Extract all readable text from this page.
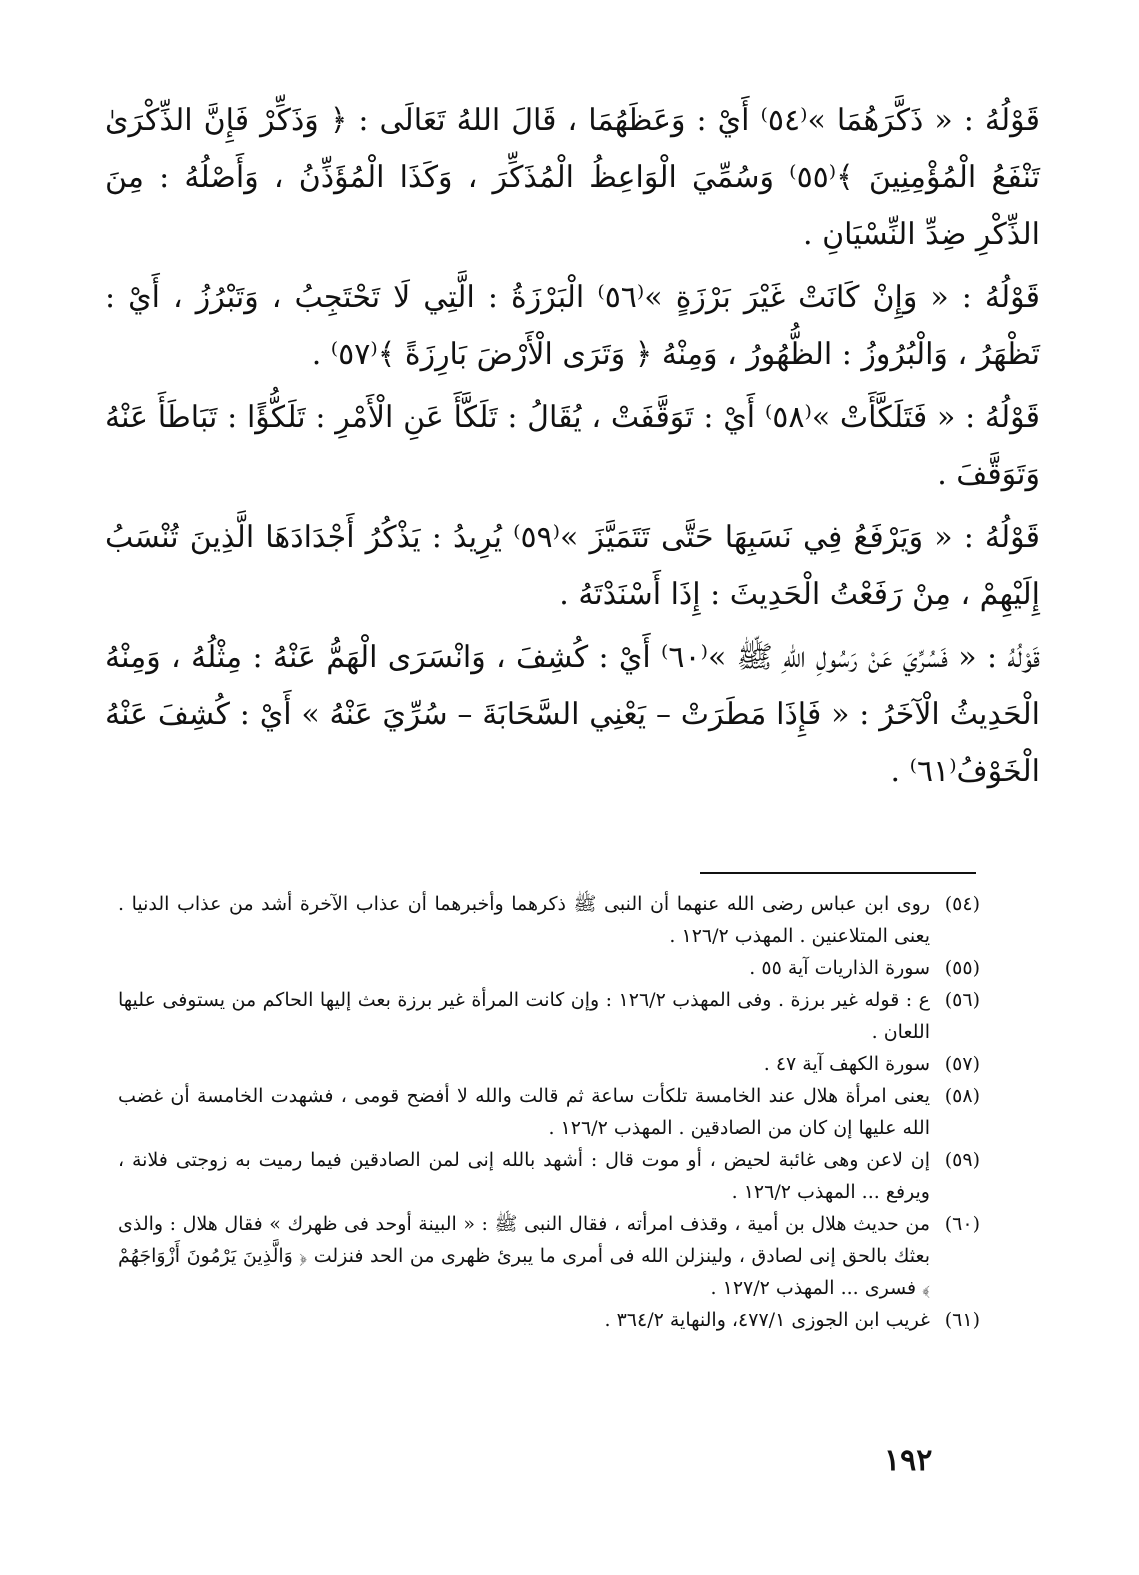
قَوْلُهُ : « ذَكَّرَهُمَا »⁽٥٤⁾ أَيْ : وَعَظَهُمَا ، قَالَ اللهُ تَعَالَى : ﴿ وَذَكِّرْ فَإِنَّ الذِّكْرَىٰ تَنْفَعُ الْمُؤْمِنِينَ ﴾⁽٥٥⁾ وَسُمِّيَ الْوَاعِظُ الْمُذَكِّرَ ، وَكَذَا الْمُؤَذِّنُ ، وَأَصْلُهُ : مِنَ الذِّكْرِ ضِدِّ النِّسْيَانِ .

قَوْلُهُ : « وَإِنْ كَانَتْ غَيْرَ بَرْزَةٍ »⁽٥٦⁾ الْبَرْزَةُ : الَّتِي لَا تَحْتَجِبُ ، وَتَبْرُزُ ، أَيْ : تَظْهَرُ ، وَالْبُرُوزُ : الظُّهُورُ ، وَمِنْهُ ﴿ وَتَرَى الْأَرْضَ بَارِزَةً ﴾⁽٥٧⁾ .

قَوْلُهُ : « فَتَلَكَّأَتْ »⁽٥٨⁾ أَيْ : تَوَقَّفَتْ ، يُقَالُ : تَلَكَّأَ عَنِ الْأَمْرِ : تَلَكُّؤًا : تَبَاطَأَ عَنْهُ وَتَوَقَّفَ .

قَوْلُهُ : « وَيَرْفَعُ فِي نَسَبِهَا حَتَّى تَتَمَيَّزَ »⁽٥٩⁾ يُرِيدُ : يَذْكُرُ أَجْدَادَهَا الَّذِينَ تُنْسَبُ إِلَيْهِمْ ، مِنْ رَفَعْتُ الْحَدِيثَ : إِذَا أَسْنَدْتَهُ .

قَوْلُهُ : « فَسُرِّيَ عَنْ رَسُولِ اللهِ ﷺ »⁽٦٠⁾ أَيْ : كُشِفَ ، وَانْسَرَى الْهَمُّ عَنْهُ : مِثْلُهُ ، وَمِنْهُ الْحَدِيثُ الْآخَرُ : « فَإِذَا مَطَرَتْ – يَعْنِي السَّحَابَةَ – سُرِّيَ عَنْهُ » أَيْ : كُشِفَ عَنْهُ الْخَوْفُ⁽٦١⁾ .

(٥٤)
روى ابن عباس رضى الله عنهما أن النبى ﷺ ذكرهما وأخبرهما أن عذاب الآخرة أشد من عذاب الدنيا . يعنى المتلاعنين . المهذب ١٢٦/٢ .
(٥٥)
سورة الذاريات آية ٥٥ .
(٥٦)
ع : قوله غير برزة . وفى المهذب ١٢٦/٢ : وإن كانت المرأة غير برزة بعث إليها الحاكم من يستوفى عليها اللعان .
(٥٧)
سورة الكهف آية ٤٧ .
(٥٨)
يعنى امرأة هلال عند الخامسة تلكأت ساعة ثم قالت والله لا أفضح قومى ، فشهدت الخامسة أن غضب الله عليها إن كان من الصادقين . المهذب ١٢٦/٢ .
(٥٩)
إن لاعن وهى غائبة لحيض ، أو موت قال : أشهد بالله إنى لمن الصادقين فيما رميت به زوجتى فلانة ، ويرفع ... المهذب ١٢٦/٢ .
(٦٠)
من حديث هلال بن أمية ، وقذف امرأته ، فقال النبى ﷺ : « البينة أوحد فى ظهرك » فقال هلال : والذى بعثك بالحق إنى لصادق ، ولينزلن الله فى أمرى ما يبرئ ظهرى من الحد فنزلت ﴿ وَالَّذِينَ يَرْمُونَ أَزْوَاجَهُمْ ﴾ فسرى ... المهذب ١٢٧/٢ .
(٦١)
غريب ابن الجوزى ٤٧٧/١، والنهاية ٣٦٤/٢ .
١٩٢
